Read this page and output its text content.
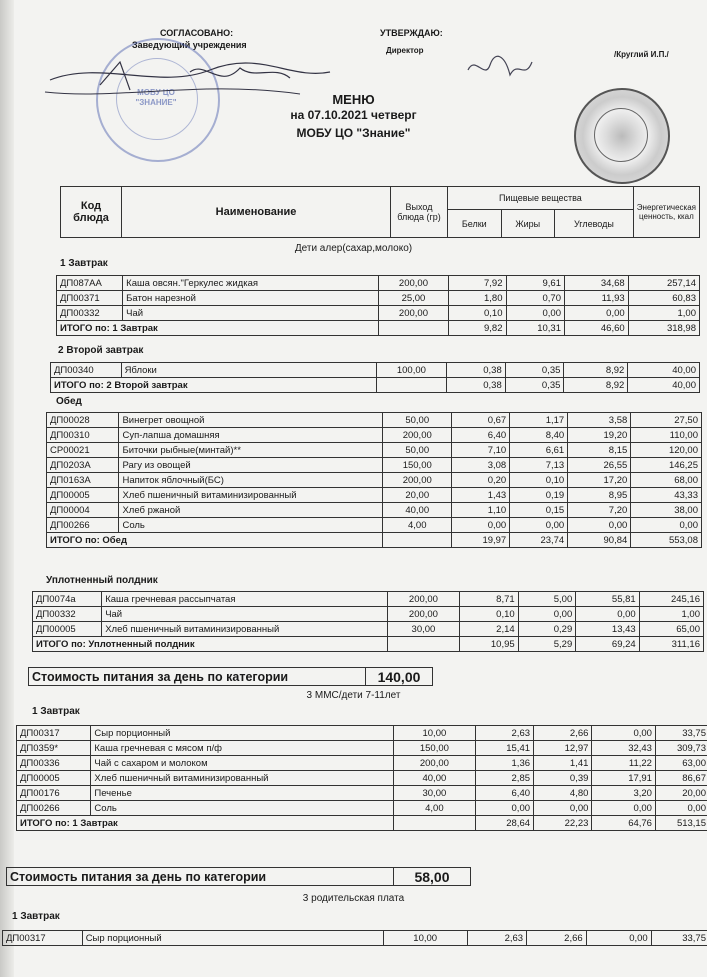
СОГЛАСОВАНО:
Заведующий учреждения
УТВЕРЖДАЮ:
Директор	/Круглий И.П./
МОБУ ЦО "ЗНАНИЕ"	МЕНЮ
на 07.10.2021 четверг
МОБУ ЦО "Знание"
Код блюда	Наименование	Выход блюда (гр)	Пищевые вещества			Энергетическая ценность, ккал
			Белки	Жиры	Углеводы	
Дети алер(сахар,молоко)
1 Завтрак
ДП087АА	Каша овсян."Геркулес жидкая	200,00	7,92	9,61	34,68	257,14
ДП00371	Батон нарезной	25,00	1,80	0,70	11,93	60,83
ДП00332	Чай	200,00	0,10	0,00	0,00	1,00
ИТОГО по: 1 Завтрак			9,82	10,31	46,60	318,98
2 Второй завтрак
ДП00340	Яблоки	100,00	0,38	0,35	8,92	40,00
ИТОГО по: 2 Второй завтрак			0,38	0,35	8,92	40,00
Обед
ДП00028	Винегрет овощной	50,00	0,67	1,17	3,58	27,50
ДП00310	Суп-лапша домашняя	200,00	6,40	8,40	19,20	110,00
СР00021	Биточки рыбные(минтай)**	50,00	7,10	6,61	8,15	120,00
ДП0203А	Рагу из овощей	150,00	3,08	7,13	26,55	146,25
ДП0163А	Напиток яблочный(БС)	200,00	0,20	0,10	17,20	68,00
ДП00005	Хлеб пшеничный витаминизированный	20,00	1,43	0,19	8,95	43,33
ДП00004	Хлеб ржаной	40,00	1,10	0,15	7,20	38,00
ДП00266	Соль	4,00	0,00	0,00	0,00	0,00
ИТОГО по: Обед			19,97	23,74	90,84	553,08
Уплотненный полдник
ДП0074а	Каша гречневая рассыпчатая	200,00	8,71	5,00	55,81	245,16
ДП00332	Чай	200,00	0,10	0,00	0,00	1,00
ДП00005	Хлеб пшеничный витаминизированный	30,00	2,14	0,29	13,43	65,00
ИТОГО по: Уплотненный полдник			10,95	5,29	69,24	311,16
Стоимость питания за день по категории	140,00	
3 ММС/дети 7-11лет
1 Завтрак
ДП00317	Сыр порционный	10,00	2,63	2,66	0,00	33,75
ДП0359*	Каша гречневая с мясом п/ф	150,00	15,41	12,97	32,43	309,73
ДП00336	Чай с сахаром и молоком	200,00	1,36	1,41	11,22	63,00
ДП00005	Хлеб пшеничный витаминизированный	40,00	2,85	0,39	17,91	86,67
ДП00176	Печенье	30,00	6,40	4,80	3,20	20,00
ДП00266	Соль	4,00	0,00	0,00	0,00	0,00
ИТОГО по: 1 Завтрак			28,64	22,23	64,76	513,15
Стоимость питания за день по категории	58,00	
3 родительская плата
1 Завтрак
ДП00317	Сыр порционный	10,00	2,63	2,66	0,00	33,75
